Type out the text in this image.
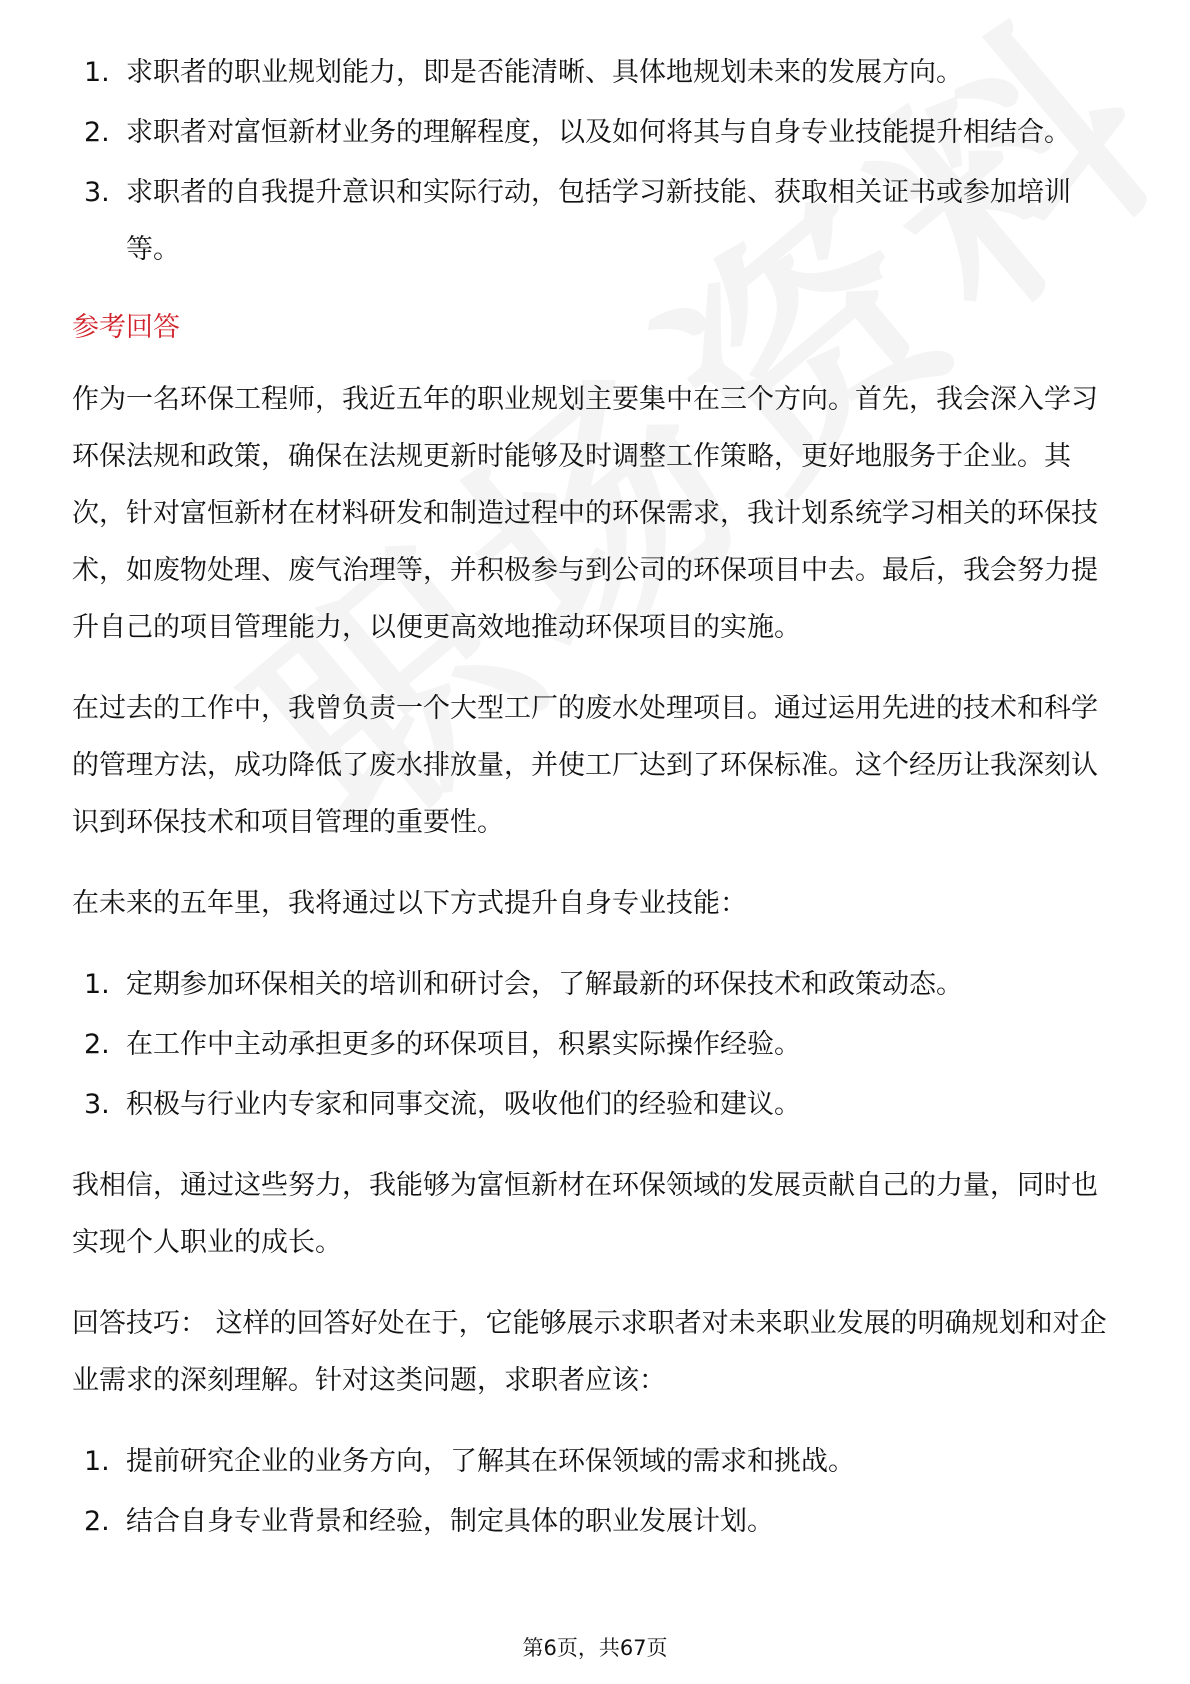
1. 求职者的职业规划能力，即是否能清晰、具体地规划未来的发展方向。
2. 求职者对富恒新材业务的理解程度，以及如何将其与自身专业技能提升相结合。
3. 求职者的自我提升意识和实际行动，包括学习新技能、获取相关证书或参加培训等。
参考回答

作为一名环保工程师，我近五年的职业规划主要集中在三个方向。首先，我会深入学习环保法规和政策，确保在法规更新时能够及时调整工作策略，更好地服务于企业。其次，针对富恒新材在材料研发和制造过程中的环保需求，我计划系统学习相关的环保技术，如废物处理、废气治理等，并积极参与到公司的环保项目中去。最后，我会努力提升自己的项目管理能力，以便更高效地推动环保项目的实施。

在过去的工作中，我曾负责一个大型工厂的废水处理项目。通过运用先进的技术和科学的管理方法，成功降低了废水排放量，并使工厂达到了环保标准。这个经历让我深刻认识到环保技术和项目管理的重要性。

在未来的五年里，我将通过以下方式提升自身专业技能：

1. 定期参加环保相关的培训和研讨会，了解最新的环保技术和政策动态。
2. 在工作中主动承担更多的环保项目，积累实际操作经验。
3. 积极与行业内专家和同事交流，吸收他们的经验和建议。

我相信，通过这些努力，我能够为富恒新材在环保领域的发展贡献自己的力量，同时也实现个人职业的成长。

回答技巧： 这样的回答好处在于，它能够展示求职者对未来职业发展的明确规划和对企业需求的深刻理解。针对这类问题，求职者应该：

1. 提前研究企业的业务方向，了解其在环保领域的需求和挑战。
2. 结合自身专业背景和经验，制定具体的职业发展计划。
第6页，共67页
